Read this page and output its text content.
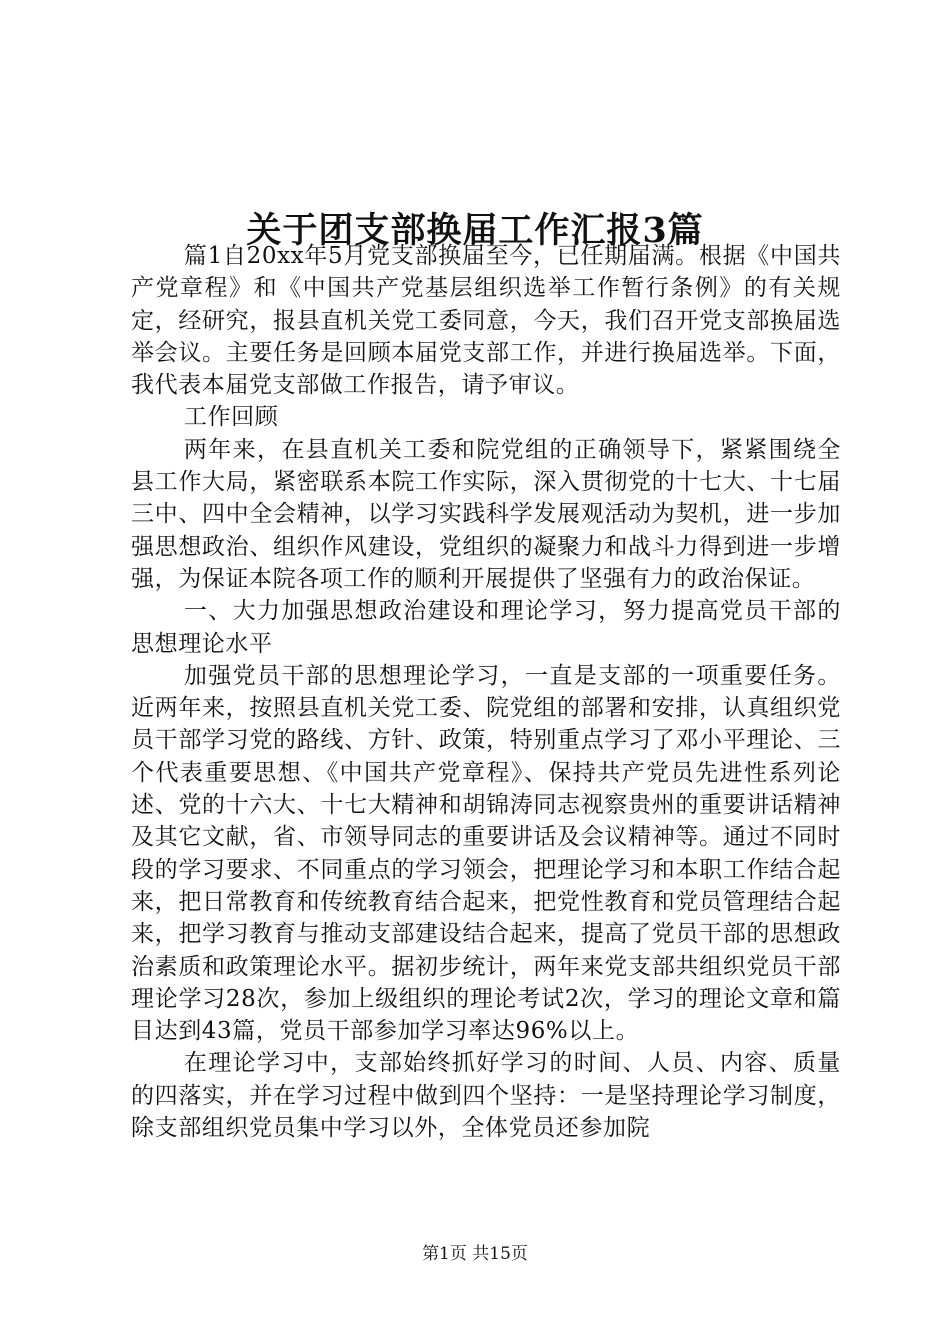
关于团支部换届工作汇报3篇

篇1自20xx年5月党支部换届至今，已任期届满。根据《中国共产党章程》和《中国共产党基层组织选举工作暂行条例》的有关规定，经研究，报县直机关党工委同意，今天，我们召开党支部换届选举会议。主要任务是回顾本届党支部工作，并进行换届选举。下面，我代表本届党支部做工作报告，请予审议。

工作回顾

两年来，在县直机关工委和院党组的正确领导下，紧紧围绕全县工作大局，紧密联系本院工作实际，深入贯彻党的十七大、十七届三中、四中全会精神，以学习实践科学发展观活动为契机，进一步加强思想政治、组织作风建设，党组织的凝聚力和战斗力得到进一步增强，为保证本院各项工作的顺利开展提供了坚强有力的政治保证。

一、大力加强思想政治建设和理论学习，努力提高党员干部的思想理论水平

加强党员干部的思想理论学习，一直是支部的一项重要任务。近两年来，按照县直机关党工委、院党组的部署和安排，认真组织党员干部学习党的路线、方针、政策，特别重点学习了邓小平理论、三个代表重要思想、《中国共产党章程》、保持共产党员先进性系列论述、党的十六大、十七大精神和胡锦涛同志视察贵州的重要讲话精神及其它文献，省、市领导同志的重要讲话及会议精神等。通过不同时段的学习要求、不同重点的学习领会，把理论学习和本职工作结合起来，把日常教育和传统教育结合起来，把党性教育和党员管理结合起来，把学习教育与推动支部建设结合起来，提高了党员干部的思想政治素质和政策理论水平。据初步统计，两年来党支部共组织党员干部理论学习28次，参加上级组织的理论考试2次，学习的理论文章和篇目达到43篇，党员干部参加学习率达96%以上。

在理论学习中，支部始终抓好学习的时间、人员、内容、质量的四落实，并在学习过程中做到四个坚持：一是坚持理论学习制度，除支部组织党员集中学习以外，全体党员还参加院

第1页 共15页
